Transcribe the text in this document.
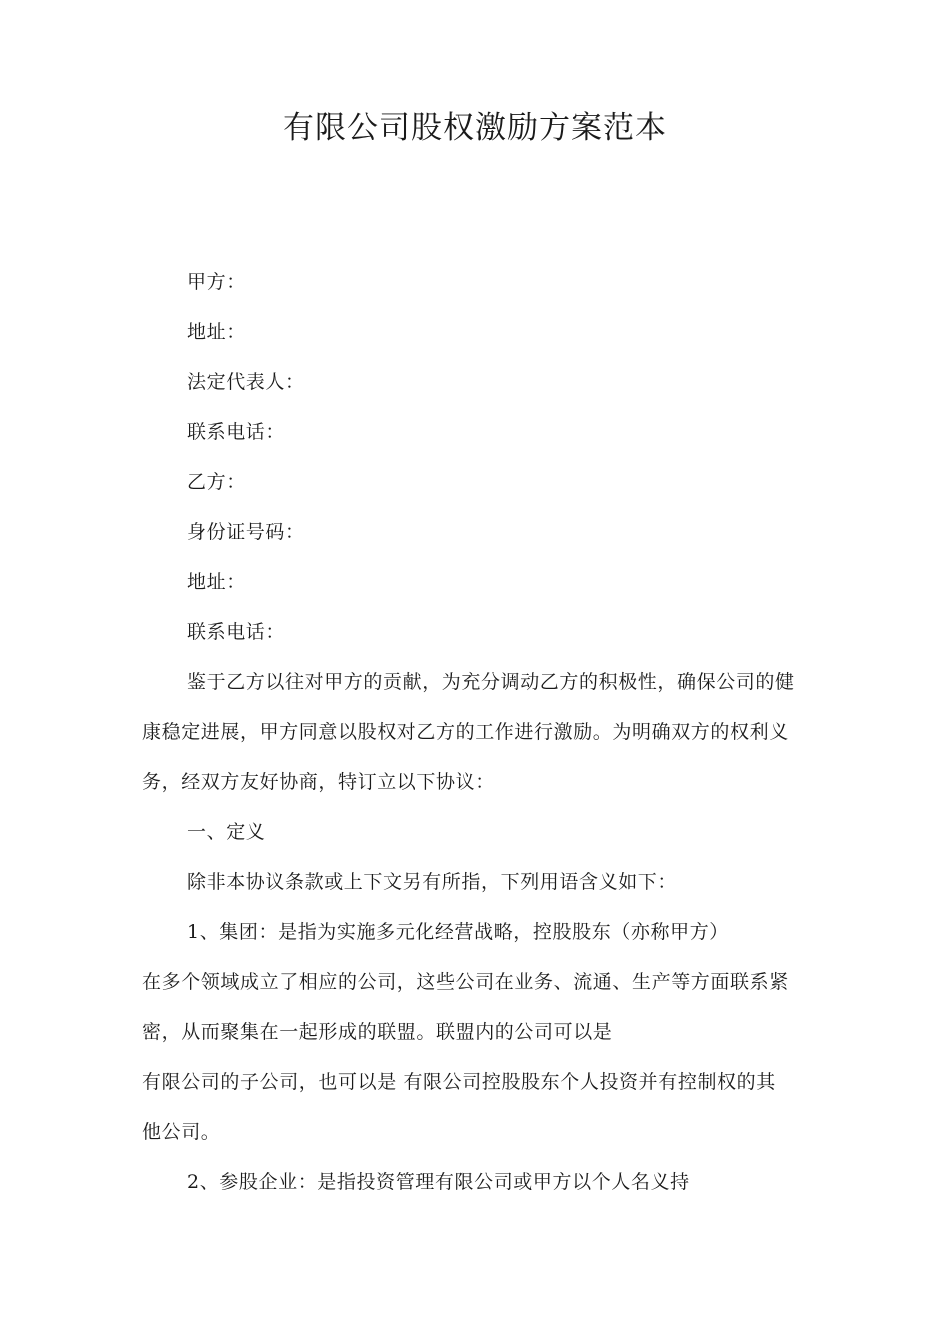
有限公司股权激励方案范本
甲方：
地址：
法定代表人：
联系电话：
乙方：
身份证号码：
地址：
联系电话：
鉴于乙方以往对甲方的贡献，为充分调动乙方的积极性，确保公司的健
康稳定进展，甲方同意以股权对乙方的工作进行激励。为明确双方的权利义
务，经双方友好协商，特订立以下协议：
一、定义
除非本协议条款或上下文另有所指，下列用语含义如下：
1、集团：是指为实施多元化经营战略，控股股东（亦称甲方）
在多个领域成立了相应的公司，这些公司在业务、流通、生产等方面联系紧
密，从而聚集在一起形成的联盟。联盟内的公司可以是
有限公司的子公司，也可以是 有限公司控股股东个人投资并有控制权的其
他公司。
2、参股企业：是指投资管理有限公司或甲方以个人名义持
